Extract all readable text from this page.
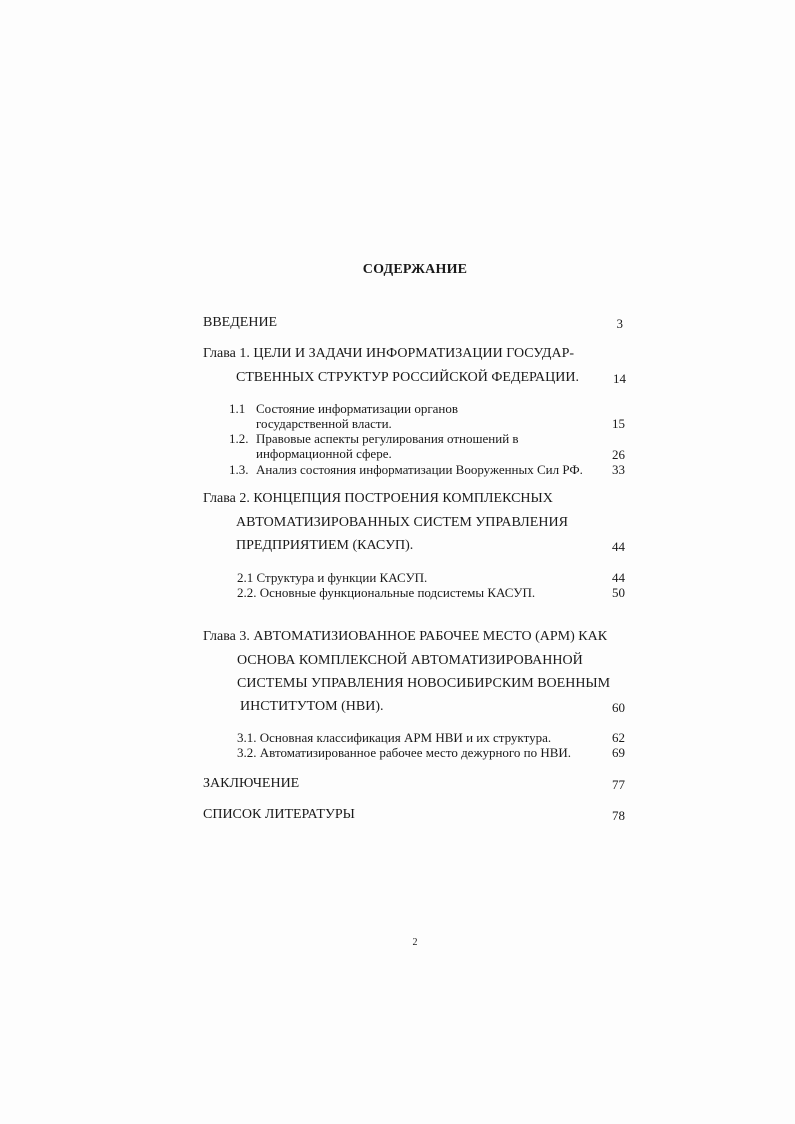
СОДЕРЖАНИЕ
ВВЕДЕНИЕ	3
Глава 1. ЦЕЛИ И ЗАДАЧИ ИНФОРМАТИЗАЦИИ ГОСУДАР-
СТВЕННЫХ СТРУКТУР РОССИЙСКОЙ ФЕДЕРАЦИИ.	14
1.1 Состояние информатизации органов
государственной власти.	15
1.2. Правовые аспекты регулирования отношений в
информационной сфере.	26
1.3. Анализ состояния информатизации Вооруженных Сил РФ.	33
Глава 2. КОНЦЕПЦИЯ ПОСТРОЕНИЯ КОМПЛЕКСНЫХ
АВТОМАТИЗИРОВАННЫХ СИСТЕМ УПРАВЛЕНИЯ
ПРЕДПРИЯТИЕМ (КАСУП).	44
2.1 Структура и функции КАСУП.	44
2.2. Основные функциональные подсистемы КАСУП.	50
Глава 3. АВТОМАТИЗИОВАННОЕ РАБОЧЕЕ МЕСТО (АРМ) КАК
ОСНОВА КОМПЛЕКСНОЙ АВТОМАТИЗИРОВАННОЙ
СИСТЕМЫ УПРАВЛЕНИЯ НОВОСИБИРСКИМ ВОЕННЫМ
ИНСТИТУТОМ (НВИ).	60
3.1. Основная классификация АРМ НВИ и их структура.	62
3.2. Автоматизированное рабочее место дежурного по НВИ.	69
ЗАКЛЮЧЕНИЕ	77
СПИСОК ЛИТЕРАТУРЫ	78
2
